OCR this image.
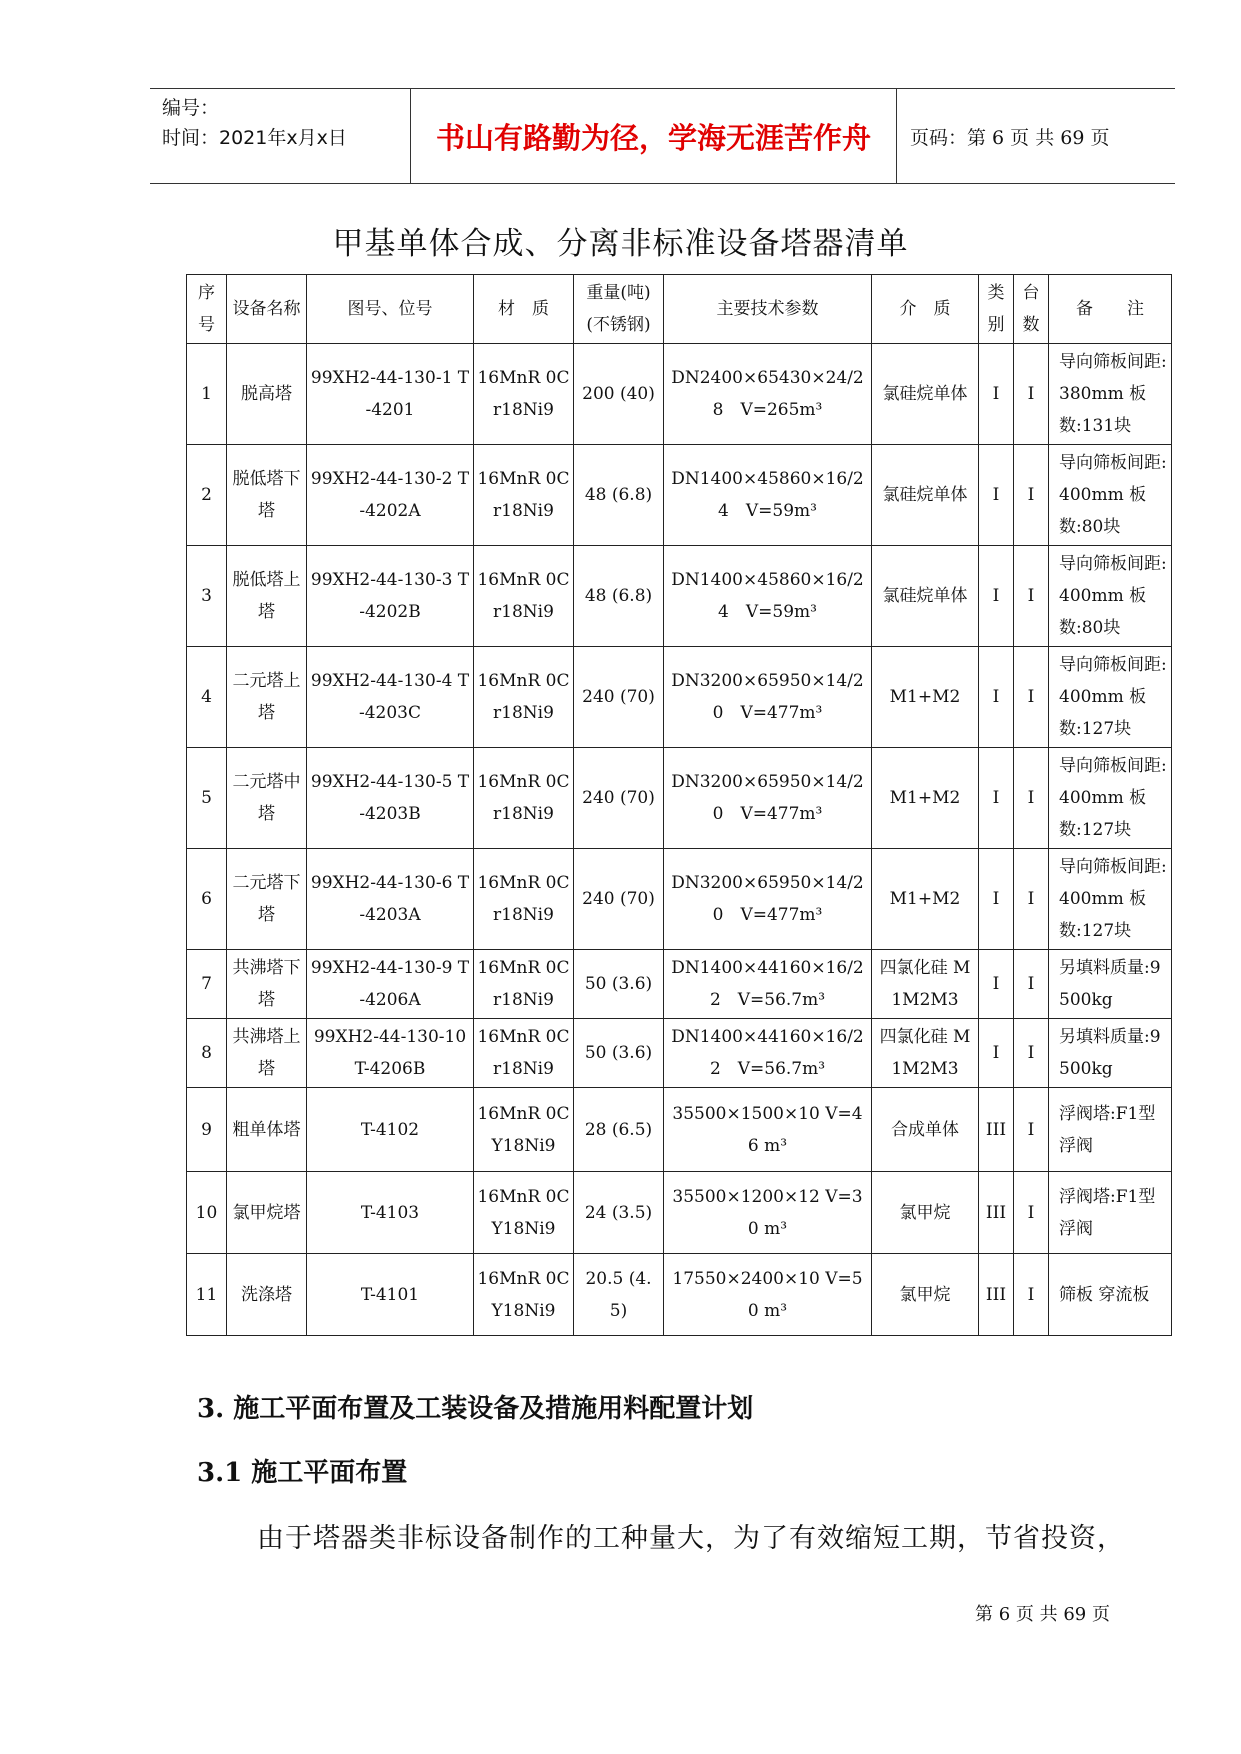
编号：
时间：2021年x月x日	书山有路勤为径，学海无涯苦作舟	页码：第 6 页 共 69 页
甲基单体合成、分离非标准设备塔器清单
序号	设备名称	图号、位号	材　质	重量(吨)(不锈钢)	主要技术参数	介　质	类别	台数	备　　注
1	脱高塔	99XH2-44-130-1 T-4201	16MnR 0Cr18Ni9	200 (40)	DN2400×65430×24/28　V=265m³	氯硅烷单体	I	I	导向筛板间距:380mm 板数:131块
2	脱低塔下塔	99XH2-44-130-2 T-4202A	16MnR 0Cr18Ni9	48 (6.8)	DN1400×45860×16/24　V=59m³	氯硅烷单体	I	I	导向筛板间距:400mm 板数:80块
3	脱低塔上塔	99XH2-44-130-3 T-4202B	16MnR 0Cr18Ni9	48 (6.8)	DN1400×45860×16/24　V=59m³	氯硅烷单体	I	I	导向筛板间距:400mm 板数:80块
4	二元塔上塔	99XH2-44-130-4 T-4203C	16MnR 0Cr18Ni9	240 (70)	DN3200×65950×14/20　V=477m³	M1+M2	I	I	导向筛板间距:400mm 板数:127块
5	二元塔中塔	99XH2-44-130-5 T-4203B	16MnR 0Cr18Ni9	240 (70)	DN3200×65950×14/20　V=477m³	M1+M2	I	I	导向筛板间距:400mm 板数:127块
6	二元塔下塔	99XH2-44-130-6 T-4203A	16MnR 0Cr18Ni9	240 (70)	DN3200×65950×14/20　V=477m³	M1+M2	I	I	导向筛板间距:400mm 板数:127块
7	共沸塔下塔	99XH2-44-130-9 T-4206A	16MnR 0Cr18Ni9	50 (3.6)	DN1400×44160×16/22　V=56.7m³	四氯化硅 M1M2M3	I	I	另填料质量:9500kg
8	共沸塔上塔	99XH2-44-130-10 T-4206B	16MnR 0Cr18Ni9	50 (3.6)	DN1400×44160×16/22　V=56.7m³	四氯化硅 M1M2M3	I	I	另填料质量:9500kg
9	粗单体塔	T-4102	16MnR 0CY18Ni9	28 (6.5)	35500×1500×10 V=46 m³	合成单体	III	I	浮阀塔:F1型浮阀
10	氯甲烷塔	T-4103	16MnR 0CY18Ni9	24 (3.5)	35500×1200×12 V=30 m³	氯甲烷	III	I	浮阀塔:F1型浮阀
11	洗涤塔	T-4101	16MnR 0CY18Ni9	20.5 (4.5)	17550×2400×10 V=50 m³	氯甲烷	III	I	筛板 穿流板
3. 施工平面布置及工装设备及措施用料配置计划
3.1 施工平面布置
由于塔器类非标设备制作的工种量大，为了有效缩短工期，节省投资，
第 6 页 共 69 页
